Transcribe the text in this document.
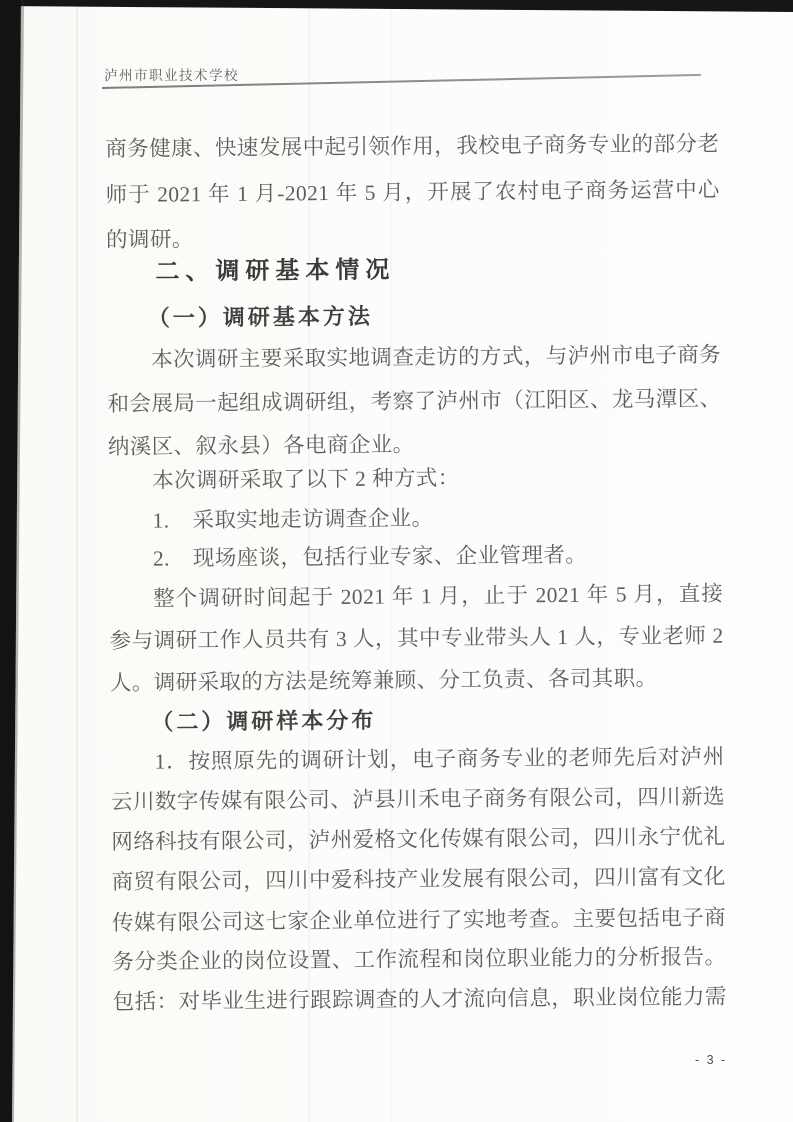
泸州市职业技术学校
商务健康、快速发展中起引领作用，我校电子商务专业的部分老
师于 2021 年 1 月-2021 年 5 月，开展了农村电子商务运营中心
的调研。
二、调研基本情况
（一）调研基本方法
本次调研主要采取实地调查走访的方式，与泸州市电子商务
和会展局一起组成调研组，考察了泸州市（江阳区、龙马潭区、
纳溪区、叙永县）各电商企业。
本次调研采取了以下 2 种方式：
1.    采取实地走访调查企业。
2.    现场座谈，包括行业专家、企业管理者。
整个调研时间起于 2021 年 1 月，止于 2021 年 5 月，直接
参与调研工作人员共有 3 人，其中专业带头人 1 人，专业老师 2
人。调研采取的方法是统筹兼顾、分工负责、各司其职。
（二）调研样本分布
1．按照原先的调研计划，电子商务专业的老师先后对泸州
云川数字传媒有限公司、泸县川禾电子商务有限公司，四川新选
网络科技有限公司，泸州爱格文化传媒有限公司，四川永宁优礼
商贸有限公司，四川中爱科技产业发展有限公司，四川富有文化
传媒有限公司这七家企业单位进行了实地考查。主要包括电子商
务分类企业的岗位设置、工作流程和岗位职业能力的分析报告。
包括：对毕业生进行跟踪调查的人才流向信息，职业岗位能力需
- 3 -
